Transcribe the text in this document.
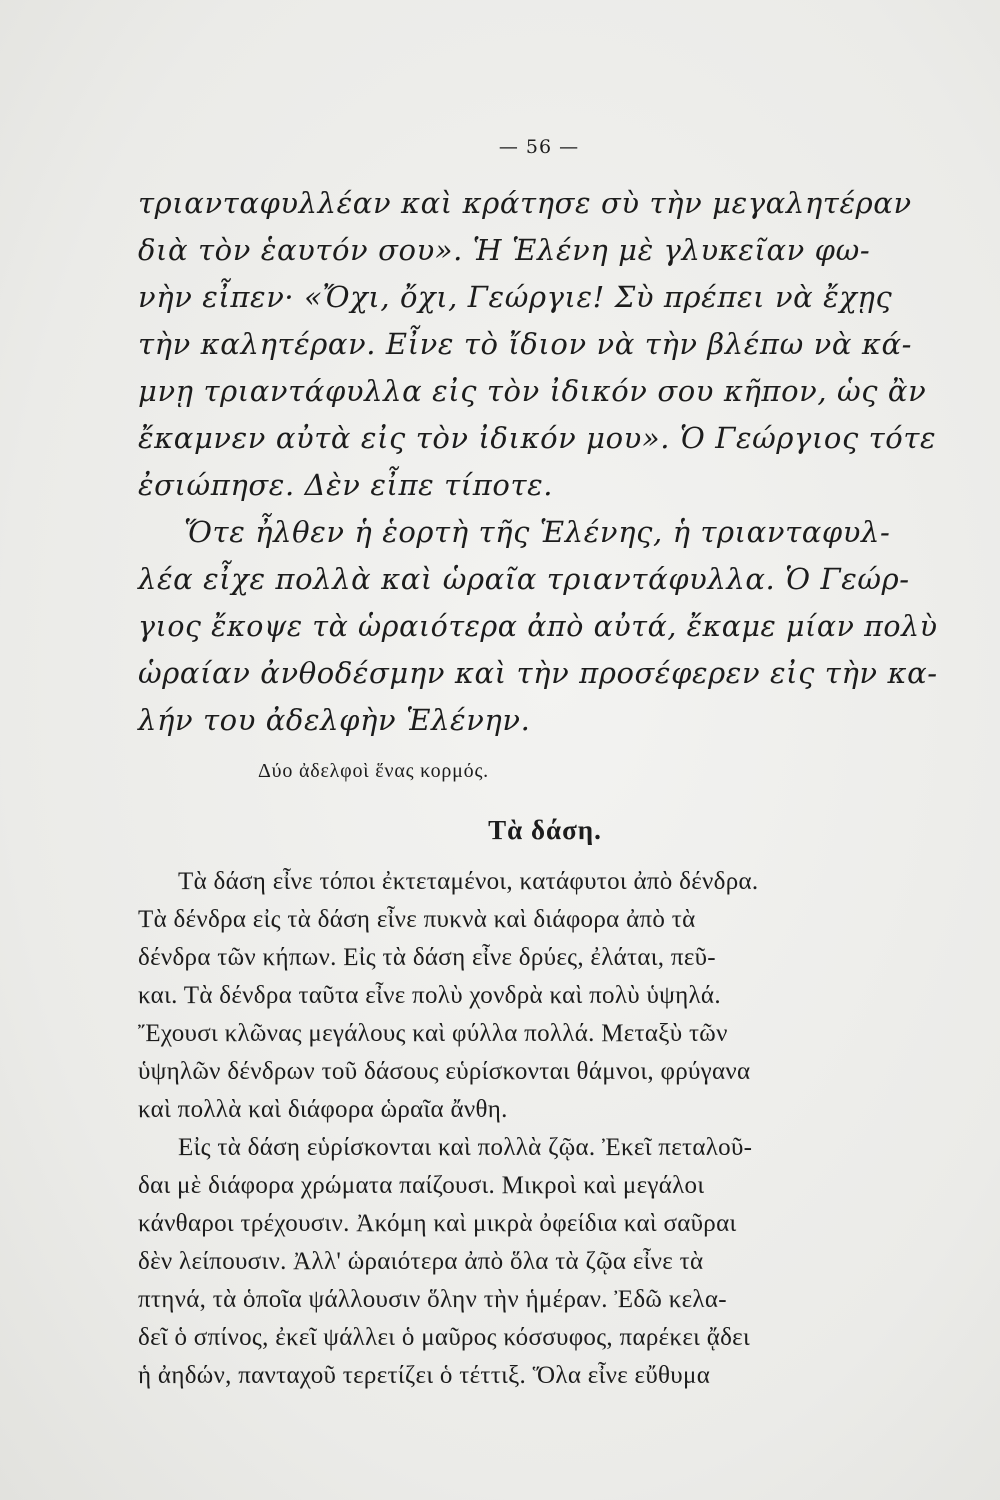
— 56 —
τριανταφυλλέαν καὶ κράτησε σὺ τὴν μεγαλητέραν
διὰ τὸν ἑαυτόν σου». Ἡ Ἑλένη μὲ γλυκεῖαν φω-
νὴν εἶπεν· «Ὄχι, ὄχι, Γεώργιε! Σὺ πρέπει νὰ ἔχῃς
τὴν καλητέραν. Εἶνε τὸ ἴδιον νὰ τὴν βλέπω νὰ κά-
μνῃ τριαντάφυλλα εἰς τὸν ἰδικόν σου κῆπον, ὡς ἂν
ἔκαμνεν αὐτὰ εἰς τὸν ἰδικόν μου». Ὁ Γεώργιος τότε
ἐσιώπησε. Δὲν εἶπε τίποτε.
Ὅτε ἦλθεν ἡ ἑορτὴ τῆς Ἑλένης, ἡ τριανταφυλ-
λέα εἶχε πολλὰ καὶ ὡραῖα τριαντάφυλλα. Ὁ Γεώρ-
γιος ἔκοψε τὰ ὡραιότερα ἀπὸ αὐτά, ἔκαμε μίαν πολὺ
ὡραίαν ἀνθοδέσμην καὶ τὴν προσέφερεν εἰς τὴν κα-
λήν του ἀδελφὴν Ἑλένην.
Δύο ἀδελφοὶ ἕνας κορμός.
Τὰ δάση.
Τὰ δάση εἶνε τόποι ἐκτεταμένοι, κατάφυτοι ἀπὸ δένδρα.
Τὰ δένδρα εἰς τὰ δάση εἶνε πυκνὰ καὶ διάφορα ἀπὸ τὰ
δένδρα τῶν κήπων. Εἰς τὰ δάση εἶνε δρύες, ἐλάται, πεῦ-
και. Τὰ δένδρα ταῦτα εἶνε πολὺ χονδρὰ καὶ πολὺ ὑψηλά.
Ἔχουσι κλῶνας μεγάλους καὶ φύλλα πολλά. Μεταξὺ τῶν
ὑψηλῶν δένδρων τοῦ δάσους εὑρίσκονται θάμνοι, φρύγανα
καὶ πολλὰ καὶ διάφορα ὡραῖα ἄνθη.
Εἰς τὰ δάση εὑρίσκονται καὶ πολλὰ ζῷα. Ἐκεῖ πεταλοῦ-
δαι μὲ διάφορα χρώματα παίζουσι. Μικροὶ καὶ μεγάλοι
κάνθαροι τρέχουσιν. Ἀκόμη καὶ μικρὰ ὀφείδια καὶ σαῦραι
δὲν λείπουσιν. Ἀλλ' ὡραιότερα ἀπὸ ὅλα τὰ ζῷα εἶνε τὰ
πτηνά, τὰ ὁποῖα ψάλλουσιν ὅλην τὴν ἡμέραν. Ἐδῶ κελα-
δεῖ ὁ σπίνος, ἐκεῖ ψάλλει ὁ μαῦρος κόσσυφος, παρέκει ᾄδει
ἡ ἀηδών, πανταχοῦ τερετίζει ὁ τέττιξ. Ὅλα εἶνε εὔθυμα
